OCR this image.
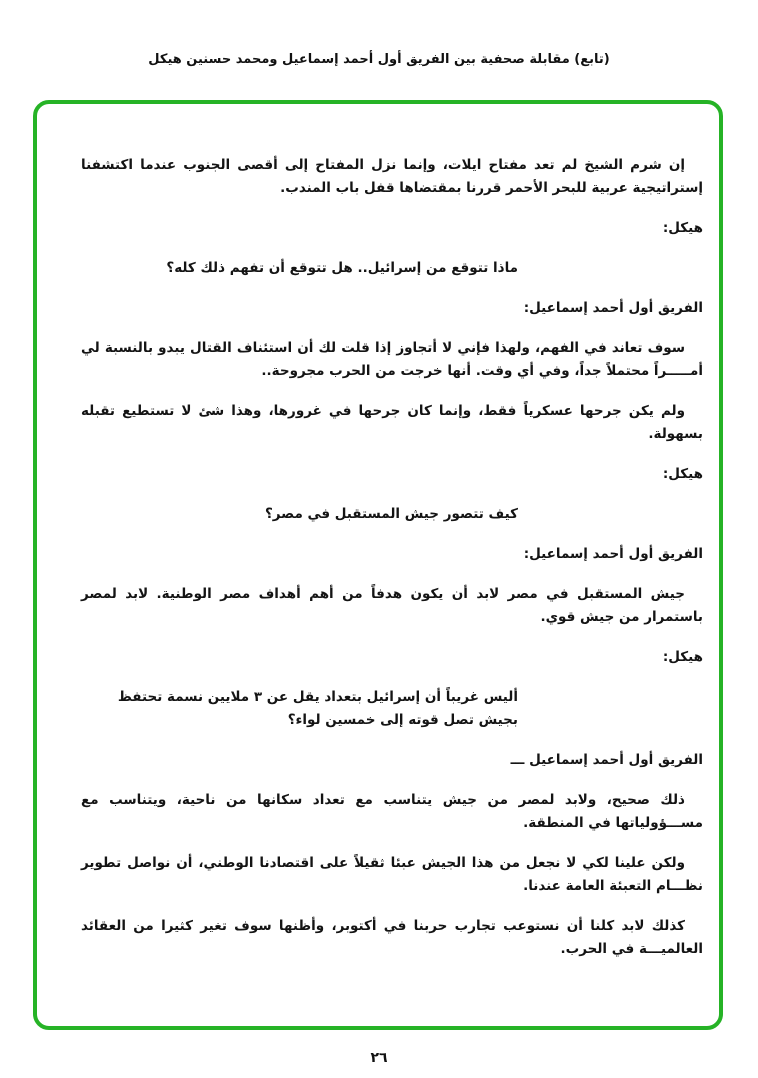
(تابع) مقابلة صحفية بين الفريق أول أحمد إسماعيل ومحمد حسنين هيكل

إن شرم الشيخ لم تعد مفتاح ايلات، وإنما نزل المفتاح إلى أقصى الجنوب عندما اكتشفنا إستراتيجية عربية للبحر الأحمر قررنا بمقتضاها قفل باب المندب.

هيكل:

ماذا تتوقع من إسرائيل.. هل تتوقع أن تفهم ذلك كله؟

الفريق أول أحمد إسماعيل:

سوف تعاند في الفهم، ولهذا فإني لا أتجاوز إذا قلت لك أن استئناف القتال يبدو بالنسبة لي أمـــــراً محتملاً جداً، وفي أي وقت. أنها خرجت من الحرب مجروحة..

ولم يكن جرحها عسكرياً فقط، وإنما كان جرحها في غرورها، وهذا شئ لا تستطيع تقبله بسهولة.

هيكل:

كيف تتصور جيش المستقبل في مصر؟

الفريق أول أحمد إسماعيل:

جيش المستقبل في مصر لابد أن يكون هدفاً من أهم أهداف مصر الوطنية. لابد لمصر باستمرار من جيش قوي.

هيكل:

أليس غريباً أن إسرائيل بتعداد يقل عن ٣ ملايين نسمة تحتفظ بجيش تصل قوته إلى خمسين لواء؟

الفريق أول أحمد إسماعيل ـــ

ذلك صحيح، ولابد لمصر من جيش يتناسب مع تعداد سكانها من ناحية، ويتناسب مع مســـؤولياتها في المنطقة.

ولكن علينا لكي لا نجعل من هذا الجيش عبئا ثقيلاً على اقتصادنا الوطني، أن نواصل تطوير نظـــام التعبئة العامة عندنا.

كذلك لابد كلنا أن نستوعب تجارب حربنا في أكتوبر، وأظنها سوف تغير كثيرا من العقائد العالميـــة في الحرب.

٢٦
